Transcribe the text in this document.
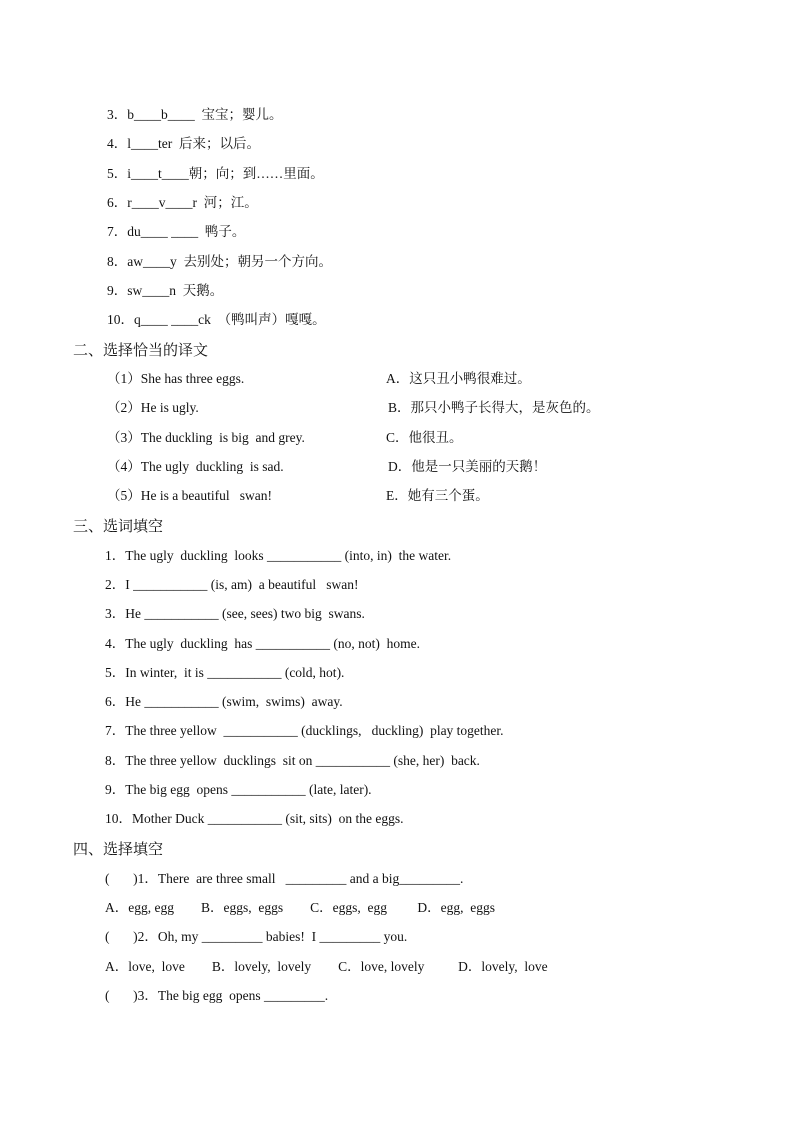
3．b____b____  宝宝；婴儿。
4．l____ter  后来；以后。
5．i____t____朝；向；到……里面。
6．r____v____r  河；江。
7．du____ ____  鸭子。
8．aw____y  去别处；朝另一个方向。
9．sw____n  天鹅。
10．q____ ____ck  （鸭叫声）嘎嘎。
二、选择恰当的译文
（1）She has three eggs.
（2）He is ugly.
（3）The duckling  is big  and grey.
（4）The ugly  duckling  is sad.
（5）He is a beautiful   swan!
A．这只丑小鸭很难过。
B．那只小鸭子长得大，是灰色的。
C．他很丑。
D．他是一只美丽的天鹅！
E．她有三个蛋。
三、选词填空
1．The ugly  duckling  looks ___________ (into, in)  the water.
2．I ___________ (is, am)  a beautiful   swan!
3．He ___________ (see, sees) two big  swans.
4．The ugly  duckling  has ___________ (no, not)  home.
5．In winter,  it is ___________ (cold, hot).
6．He ___________ (swim,  swims)  away.
7．The three yellow  ___________ (ducklings,   duckling)  play together.
8．The three yellow  ducklings  sit on ___________ (she, her)  back.
9．The big egg  opens ___________ (late, later).
10．Mother Duck ___________ (sit, sits)  on the eggs.
四、选择填空
(       )1．There  are three small   _________ and a big_________.
A．egg, egg        B．eggs,  eggs        C．eggs,  egg         D．egg,  eggs
(       )2．Oh, my _________ babies!  I _________ you.
A．love,  love        B．lovely,  lovely        C．love, lovely          D．lovely,  love
(       )3．The big egg  opens _________.
